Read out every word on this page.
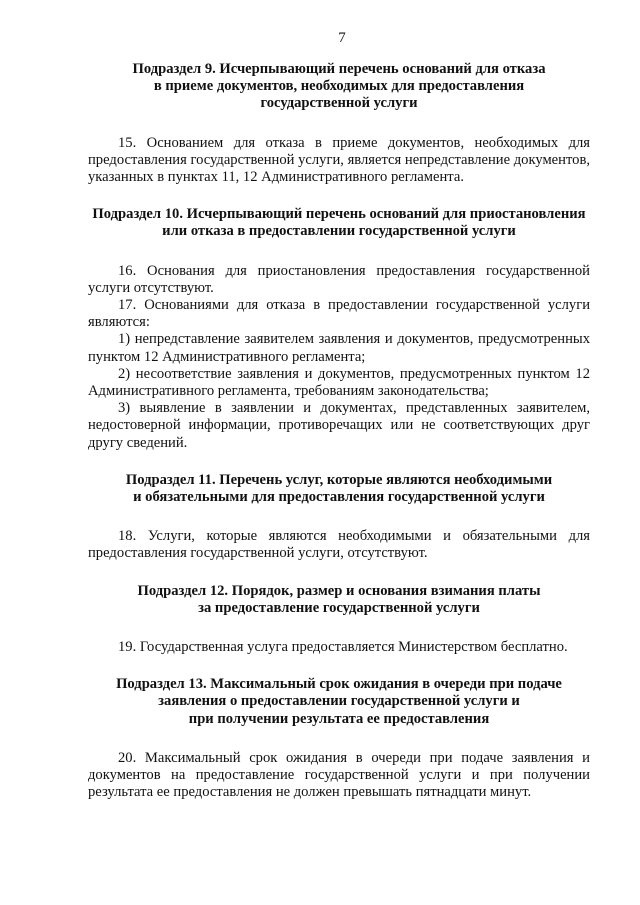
7
Подраздел 9. Исчерпывающий перечень оснований для отказа
в приеме документов, необходимых для предоставления
государственной услуги

15. Основанием для отказа в приеме документов, необходимых для предоставления государственной услуги, является непредставление документов, указанных в пунктах 11, 12 Административного регламента.

Подраздел 10. Исчерпывающий перечень оснований для приостановления
или отказа в предоставлении государственной услуги

16. Основания для приостановления предоставления государственной услуги отсутствуют.

17. Основаниями для отказа в предоставлении государственной услуги являются:

1) непредставление заявителем заявления и документов, предусмотренных пунктом 12 Административного регламента;

2) несоответствие заявления и документов, предусмотренных пунктом 12 Административного регламента, требованиям законодательства;

3) выявление в заявлении и документах, представленных заявителем, недостоверной информации, противоречащих или не соответствующих друг другу сведений.

Подраздел 11. Перечень услуг, которые являются необходимыми
и обязательными для предоставления государственной услуги

18. Услуги, которые являются необходимыми и обязательными для предоставления государственной услуги, отсутствуют.

Подраздел 12. Порядок, размер и основания взимания платы
за предоставление государственной услуги

19. Государственная услуга предоставляется Министерством бесплатно.

Подраздел 13. Максимальный срок ожидания в очереди при подаче
заявления о предоставлении государственной услуги и
при получении результата ее предоставления

20. Максимальный срок ожидания в очереди при подаче заявления и документов на предоставление государственной услуги и при получении результата ее предоставления не должен превышать пятнадцати минут.
